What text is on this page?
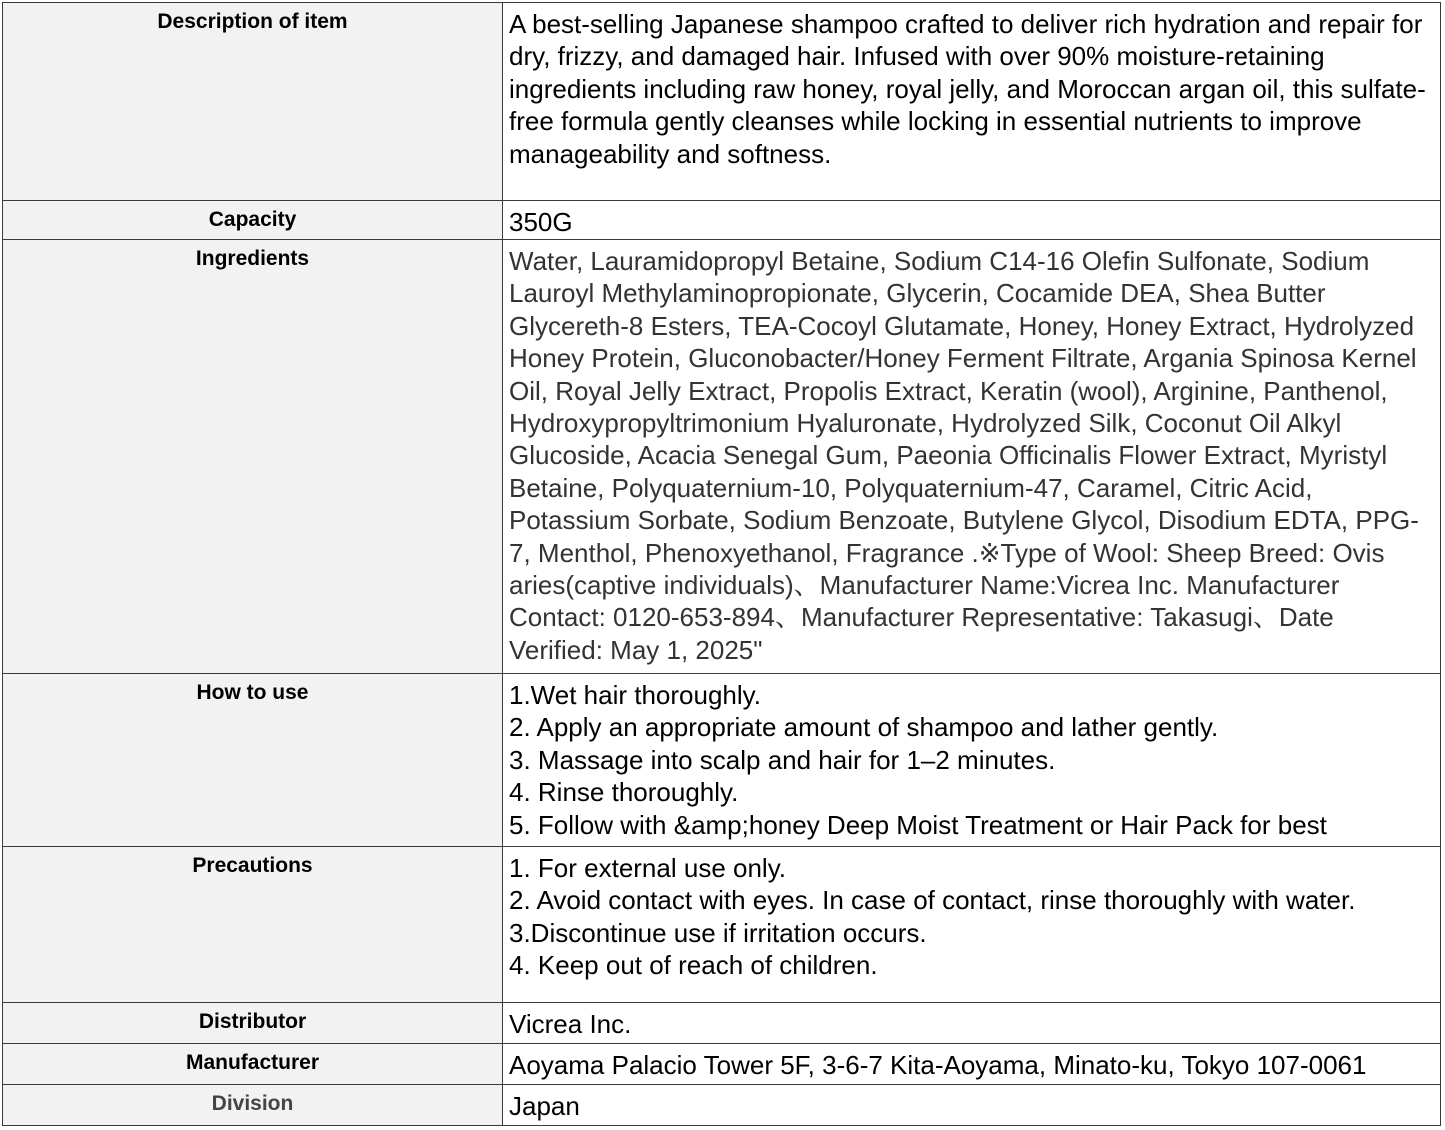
Description of item	A best-selling Japanese shampoo crafted to deliver rich hydration and repair for dry, frizzy, and damaged hair. Infused with over 90% moisture-retaining ingredients including raw honey, royal jelly, and Moroccan argan oil, this sulfate-free formula gently cleanses while locking in essential nutrients to improve manageability and softness.

Capacity	350G

Ingredients	Water, Lauramidopropyl Betaine, Sodium C14-16 Olefin Sulfonate, Sodium Lauroyl Methylaminopropionate, Glycerin, Cocamide DEA, Shea Butter Glycereth-8 Esters, TEA-Cocoyl Glutamate, Honey, Honey Extract, Hydrolyzed Honey Protein, Gluconobacter/Honey Ferment Filtrate, Argania Spinosa Kernel Oil, Royal Jelly Extract, Propolis Extract, Keratin (wool), Arginine, Panthenol, Hydroxypropyltrimonium Hyaluronate, Hydrolyzed Silk, Coconut Oil Alkyl Glucoside, Acacia Senegal Gum, Paeonia Officinalis Flower Extract, Myristyl Betaine, Polyquaternium-10, Polyquaternium-47, Caramel, Citric Acid, Potassium Sorbate, Sodium Benzoate, Butylene Glycol, Disodium EDTA, PPG-7, Menthol, Phenoxyethanol, Fragrance .※Type of Wool: Sheep Breed: Ovis aries(captive individuals)、Manufacturer Name:Vicrea Inc. Manufacturer Contact: 0120-653-894、Manufacturer Representative: Takasugi、Date Verified: May 1, 2025"

How to use	1.Wet hair thoroughly.
2. Apply an appropriate amount of shampoo and lather gently.
3. Massage into scalp and hair for 1–2 minutes.
4. Rinse thoroughly.
5. Follow with &amp;honey Deep Moist Treatment or Hair Pack for best

Precautions	1. For external use only.
2. Avoid contact with eyes. In case of contact, rinse thoroughly with water.
3.Discontinue use if irritation occurs.
4. Keep out of reach of children.

Distributor	Vicrea Inc.

Manufacturer	Aoyama Palacio Tower 5F, 3-6-7 Kita-Aoyama, Minato-ku, Tokyo 107-0061

Division	Japan
